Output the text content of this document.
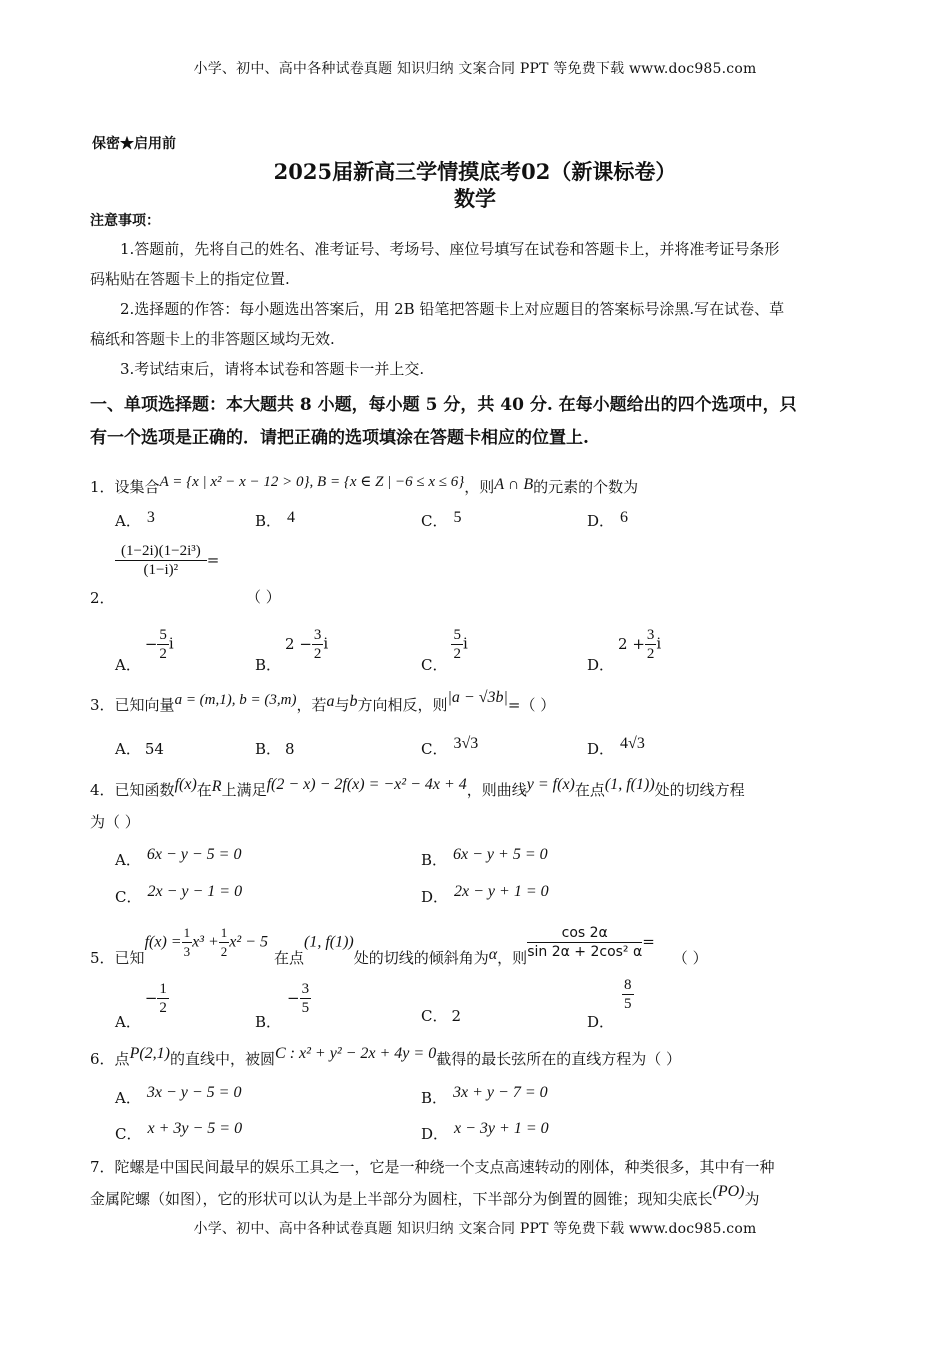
小学、初中、高中各种试卷真题 知识归纳 文案合同 PPT 等免费下载 www.doc985.com
保密★启用前
2025届新高三学情摸底考02（新课标卷）
数学
注意事项：
1.答题前，先将自己的姓名、准考证号、考场号、座位号填写在试卷和答题卡上，并将准考证号条形
码粘贴在答题卡上的指定位置.
2.选择题的作答：每小题选出答案后，用 2B 铅笔把答题卡上对应题目的答案标号涂黑.写在试卷、草
稿纸和答题卡上的非答题区域均无效.
3.考试结束后，请将本试卷和答题卡一并上交.
一、单项选择题：本大题共 8 小题，每小题 5 分，共 40 分. 在每小题给出的四个选项中，只
有一个选项是正确的．请把正确的选项填涂在答题卡相应的位置上.
1．设集合A = {x | x² − x − 12 > 0}, B = {x ∈ Z | −6 ≤ x ≤ 6}，则A ∩ B的元素的个数为
A． 3	B． 4	C． 5	D． 6
$\frac{\text{(1−2i)(1−2i³)}}{\text{(1−i)²}}$ =
2．	（ ）
A．− $\frac{5}{2}$ i
B．$2 - \frac{3}{2}$ i
C．
$\frac{5}{2}$ i
D．$2 + \frac{3}{2}$ i
3．已知向量a = (m,1), b = (3,m)，若a与b方向相反，则|a − √3b|=（ ）
A． 54	B． 8	C． 3√3	D． 4√3
4．已知函数f(x)在R上满足f(2 − x) − 2f(x) = −x² − 4x + 4，则曲线y = f(x)在点(1, f(1))处的切线方程
为（ ）
A． 6x − y − 5 = 0	B． 6x − y + 5 = 0
C． 2x − y − 1 = 0	D． 2x − y + 1 = 0
5．已知$f(x) = \frac{1}{3} x^3 + \frac{1}{2} x^2 - 5$在点(1, f(1))处的切线的倾斜角为α，则 $\frac{\cos 2\alpha}{\text{sin 2α + 2cos² α}}$ =（ ）
A．− $\frac{1}{2}$
B．− $\frac{3}{5}$	C． 2	D．
$\frac{8}{5}$
6．点P(2,1)的直线中，被圆C : x² + y² − 2x + 4y = 0截得的最长弦所在的直线方程为（ ）
A． 3x − y − 5 = 0	B． 3x + y − 7 = 0
C． x + 3y − 5 = 0	D． x − 3y + 1 = 0
7．陀螺是中国民间最早的娱乐工具之一，它是一种绕一个支点高速转动的刚体，种类很多，其中有一种
金属陀螺（如图），它的形状可以认为是上半部分为圆柱，下半部分为倒置的圆锥；现知尖底长(PO)为
小学、初中、高中各种试卷真题 知识归纳 文案合同 PPT 等免费下载 www.doc985.com
